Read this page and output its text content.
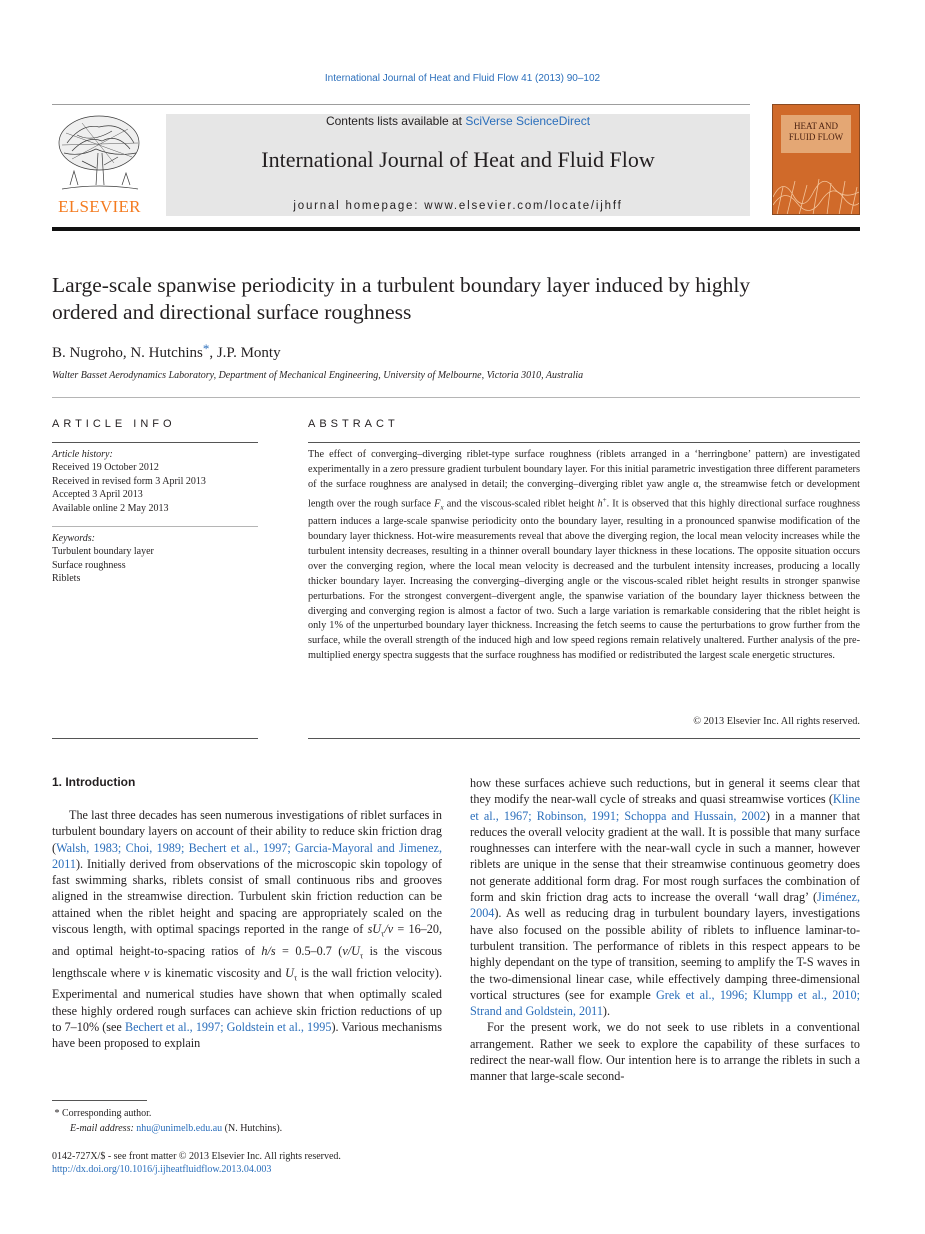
International Journal of Heat and Fluid Flow 41 (2013) 90–102
ELSEVIER
Contents lists available at SciVerse ScienceDirect
International Journal of Heat and Fluid Flow
journal homepage: www.elsevier.com/locate/ijhff
HEAT AND FLUID FLOW
Large-scale spanwise periodicity in a turbulent boundary layer induced by highly ordered and directional surface roughness
B. Nugroho, N. Hutchins*, J.P. Monty
Walter Basset Aerodynamics Laboratory, Department of Mechanical Engineering, University of Melbourne, Victoria 3010, Australia
ARTICLE INFO	ABSTRACT
Article history:
Received 19 October 2012
Received in revised form 3 April 2013
Accepted 3 April 2013
Available online 2 May 2013
Keywords:
Turbulent boundary layer
Surface roughness
Riblets
The effect of converging–diverging riblet-type surface roughness (riblets arranged in a ‘herringbone’ pattern) are investigated experimentally in a zero pressure gradient turbulent boundary layer. For this initial parametric investigation three different parameters of the surface roughness are analysed in detail; the converging–diverging riblet yaw angle α, the streamwise fetch or development length over the rough surface $F_x$ and the viscous-scaled riblet height h+. It is observed that this highly directional surface roughness pattern induces a large-scale spanwise periodicity onto the boundary layer, resulting in a pronounced spanwise modification of the boundary layer thickness. Hot-wire measurements reveal that above the diverging region, the local mean velocity increases while the turbulent intensity decreases, resulting in a thinner overall boundary layer thickness in these locations. The opposite situation occurs over the converging region, where the local mean velocity is decreased and the turbulent intensity increases, producing a locally thicker boundary layer. Increasing the converging–diverging angle or the viscous-scaled riblet height results in stronger spanwise perturbations. For the strongest convergent–divergent angle, the spanwise variation of the boundary layer thickness between the diverging and converging region is almost a factor of two. Such a large variation is remarkable considering that the riblet height is only 1% of the unperturbed boundary layer thickness. Increasing the fetch seems to cause the perturbations to grow further from the surface, while the overall strength of the induced high and low speed regions remain relatively unaltered. Further analysis of the pre-multiplied energy spectra suggests that the surface roughness has modified or redistributed the largest scale energetic structures.
© 2013 Elsevier Inc. All rights reserved.
1. Introduction

The last three decades has seen numerous investigations of riblet surfaces in turbulent boundary layers on account of their ability to reduce skin friction drag (Walsh, 1983; Choi, 1989; Bechert et al., 1997; Garcia-Mayoral and Jimenez, 2011). Initially derived from observations of the microscopic skin topology of fast swimming sharks, riblets consist of small continuous ribs and grooves aligned in the streamwise direction. Turbulent skin friction reduction can be attained when the riblet height and spacing are appropriately scaled on the viscous length, with optimal spacings reported in the range of $sU_\tau/\nu = 16-20$, and optimal height-to-spacing ratios of h/s = 0.5–0.7 ($\nu/U_\tau$ is the viscous lengthscale where ν is kinematic viscosity and $U_\tau$ is the wall friction velocity). Experimental and numerical studies have shown that when optimally scaled these highly ordered rough surfaces can achieve skin friction reductions of up to 7–10% (see Bechert et al., 1997; Goldstein et al., 1995). Various mechanisms have been proposed to explain

how these surfaces achieve such reductions, but in general it seems clear that they modify the near-wall cycle of streaks and quasi streamwise vortices (Kline et al., 1967; Robinson, 1991; Schoppa and Hussain, 2002) in a manner that reduces the overall velocity gradient at the wall. It is possible that many surface roughnesses can interfere with the near-wall cycle in such a manner, however riblets are unique in the sense that their streamwise continuous geometry does not generate additional form drag. For most rough surfaces the combination of form and skin friction drag acts to increase the overall ‘wall drag’ (Jiménez, 2004). As well as reducing drag in turbulent boundary layers, investigations have also focused on the possible ability of riblets to influence laminar-to-turbulent transition. The performance of riblets in this respect appears to be highly dependant on the type of transition, seeming to amplify the T-S waves in the two-dimensional linear case, while effectively damping three-dimensional vortical structures (see for example Grek et al., 1996; Klumpp et al., 2010; Strand and Goldstein, 2011).

For the present work, we do not seek to use riblets in a conventional arrangement. Rather we seek to explore the capability of these surfaces to redirect the near-wall flow. Our intention here is to arrange the riblets in such a manner that large-scale second-

* Corresponding author.
E-mail address: nhu@unimelb.edu.au (N. Hutchins).
0142-727X/$ - see front matter © 2013 Elsevier Inc. All rights reserved.
http://dx.doi.org/10.1016/j.ijheatfluidflow.2013.04.003
